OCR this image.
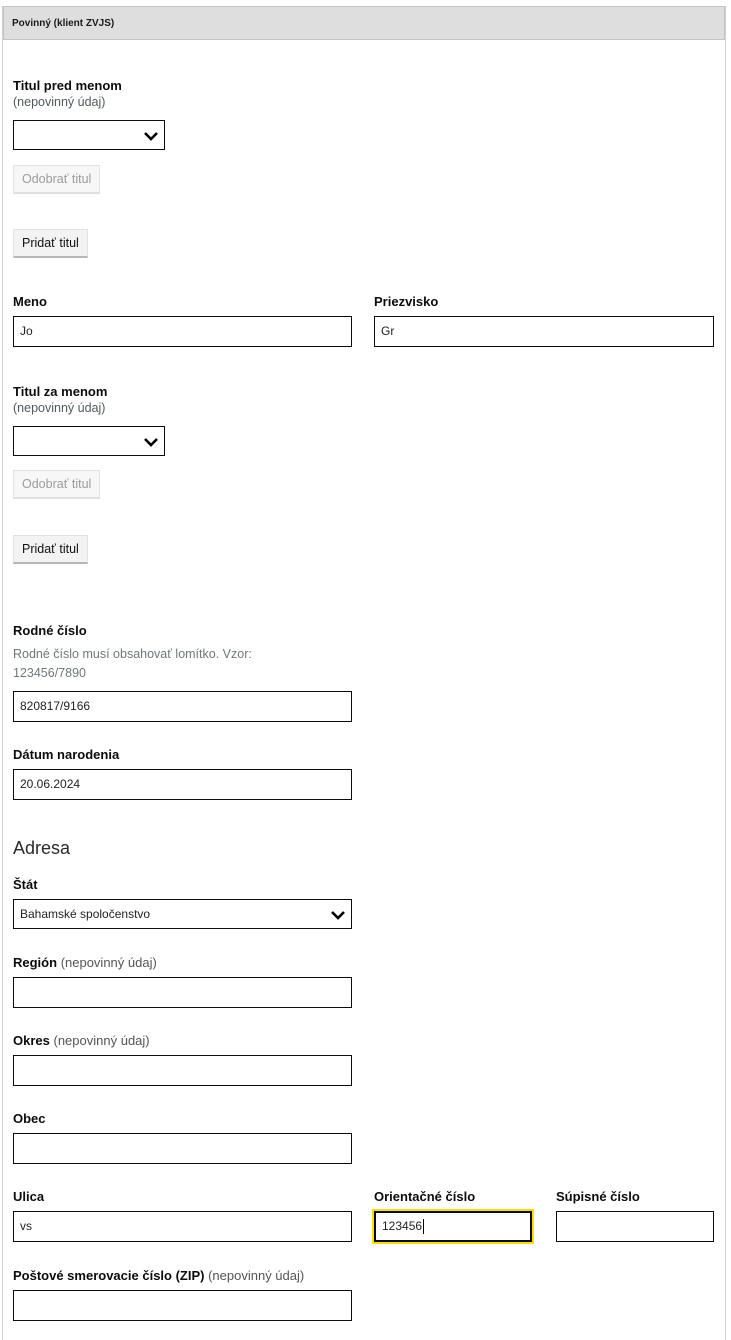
Povinný (klient ZVJS)
Titul pred menom
(nepovinný údaj)
Odobrať titul
Pridať titul
Meno
Jo
Priezvisko
Gr
Titul za menom
(nepovinný údaj)
Odobrať titul
Pridať titul
Rodné číslo
Rodné číslo musí obsahovať lomítko. Vzor:
123456/7890
820817/9166
Dátum narodenia
20.06.2024
Adresa
Štát
Bahamské spoločenstvo
Región (nepovinný údaj)
Okres (nepovinný údaj)
Obec
Ulica
vs
Orientačné číslo
123456
Súpisné číslo
Poštové smerovacie číslo (ZIP) (nepovinný údaj)
